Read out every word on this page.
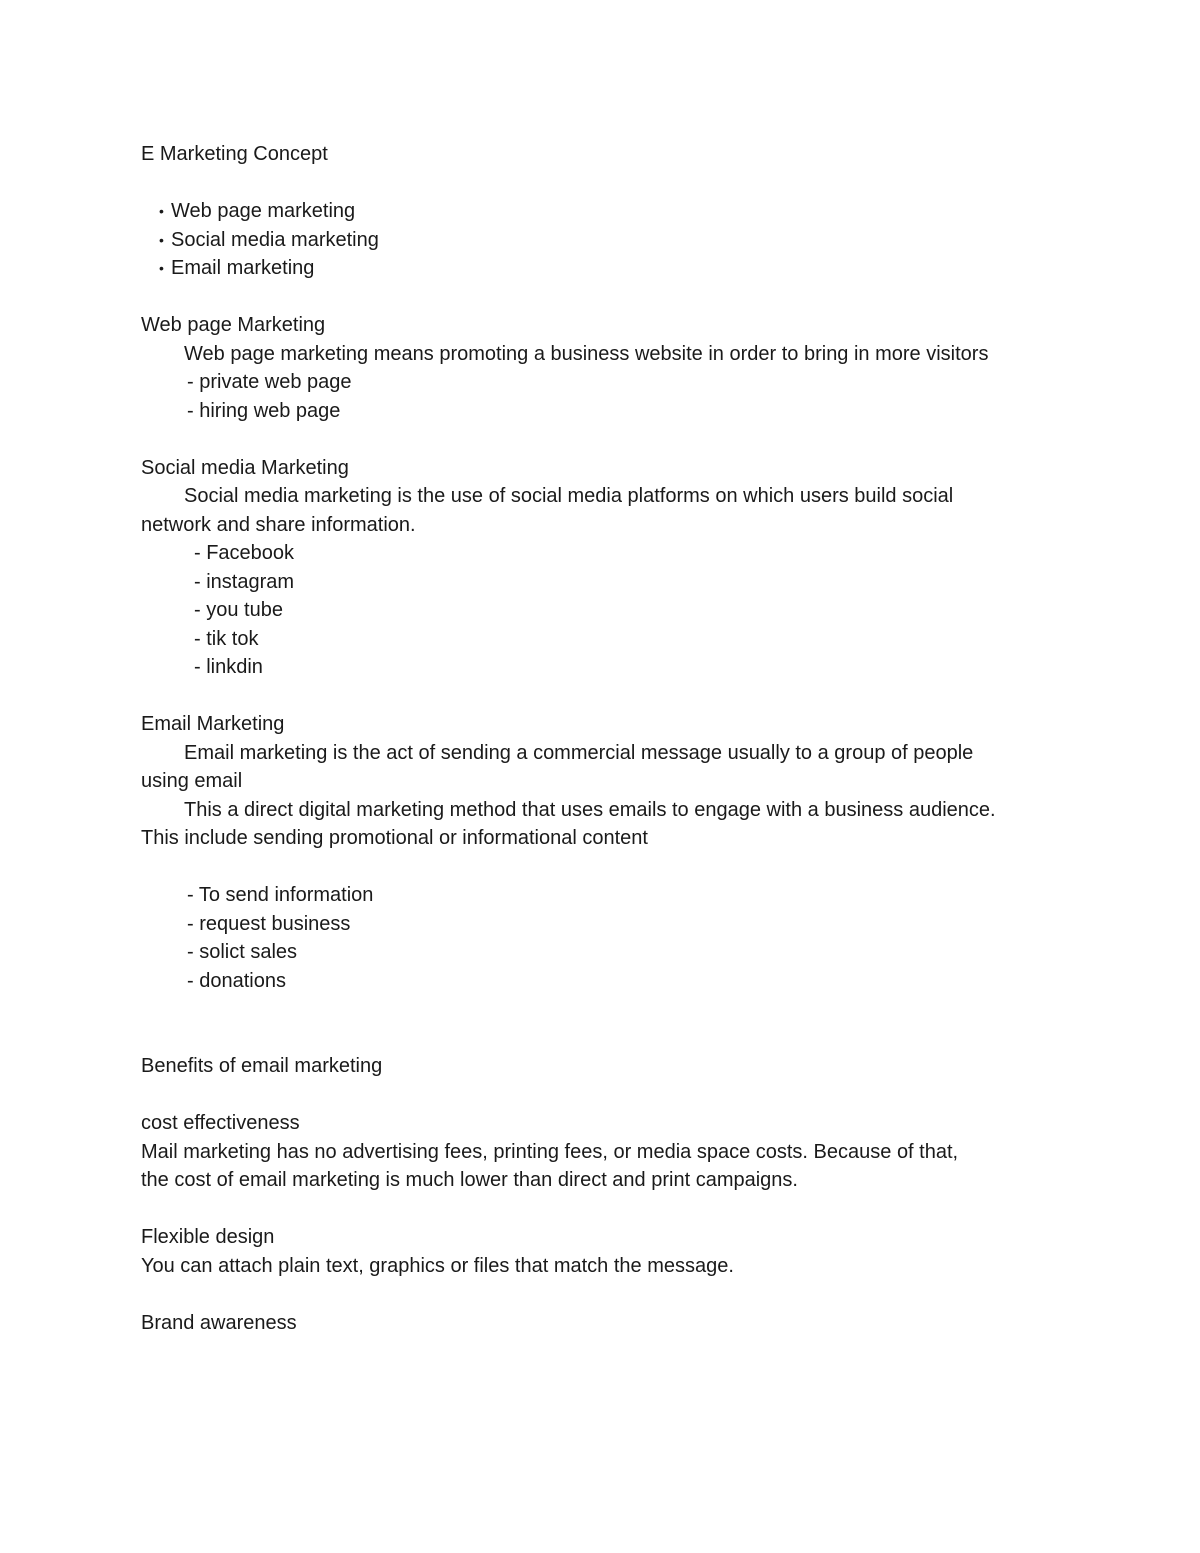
E Marketing Concept
• Web page marketing
• Social media marketing
• Email marketing
Web page Marketing
Web page marketing means promoting a business website in order to bring in more visitors
- private web page
- hiring web page
Social media Marketing
Social media marketing is the use of social media platforms on which users build social
network and share information.
- Facebook
- instagram
- you tube
- tik tok
- linkdin
Email Marketing
Email marketing is the act of sending a commercial message usually to a group of people
using email
This a direct digital marketing method that uses emails to engage with a business audience.
This include sending promotional or informational content
- To send information
- request business
- solict sales
- donations
Benefits of email marketing
cost effectiveness
Mail marketing has no advertising fees, printing fees, or media space costs. Because of that,
the cost of email marketing is much lower than direct and print campaigns.
Flexible design
You can attach plain text, graphics or files that match the message.
Brand awareness
